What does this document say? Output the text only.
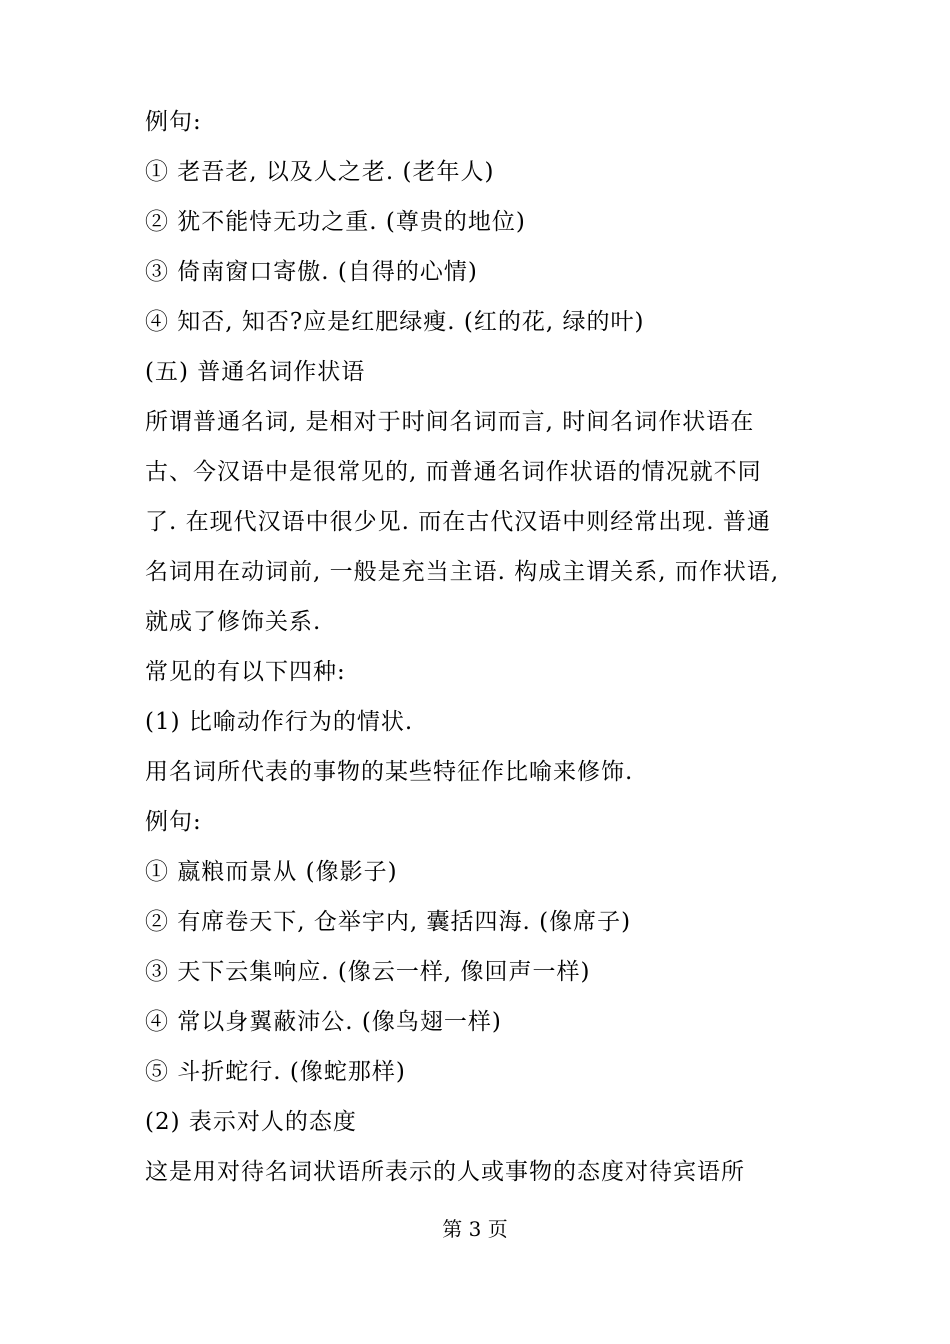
例句:
① 老吾老, 以及人之老. (老年人)
② 犹不能恃无功之重. (尊贵的地位)
③ 倚南窗口寄傲. (自得的心情)
④ 知否, 知否?应是红肥绿瘦. (红的花, 绿的叶)
(五) 普通名词作状语
所谓普通名词, 是相对于时间名词而言, 时间名词作状语在
古、今汉语中是很常见的, 而普通名词作状语的情况就不同
了. 在现代汉语中很少见. 而在古代汉语中则经常出现. 普通
名词用在动词前, 一般是充当主语. 构成主谓关系, 而作状语,
就成了修饰关系.
常见的有以下四种:
(1) 比喻动作行为的情状.
用名词所代表的事物的某些特征作比喻来修饰.
例句:
① 嬴粮而景从 (像影子)
② 有席卷天下, 仓举宇内, 囊括四海. (像席子)
③ 天下云集响应. (像云一样, 像回声一样)
④ 常以身翼蔽沛公. (像鸟翅一样)
⑤ 斗折蛇行. (像蛇那样)
(2) 表示对人的态度
这是用对待名词状语所表示的人或事物的态度对待宾语所
第 3 页
